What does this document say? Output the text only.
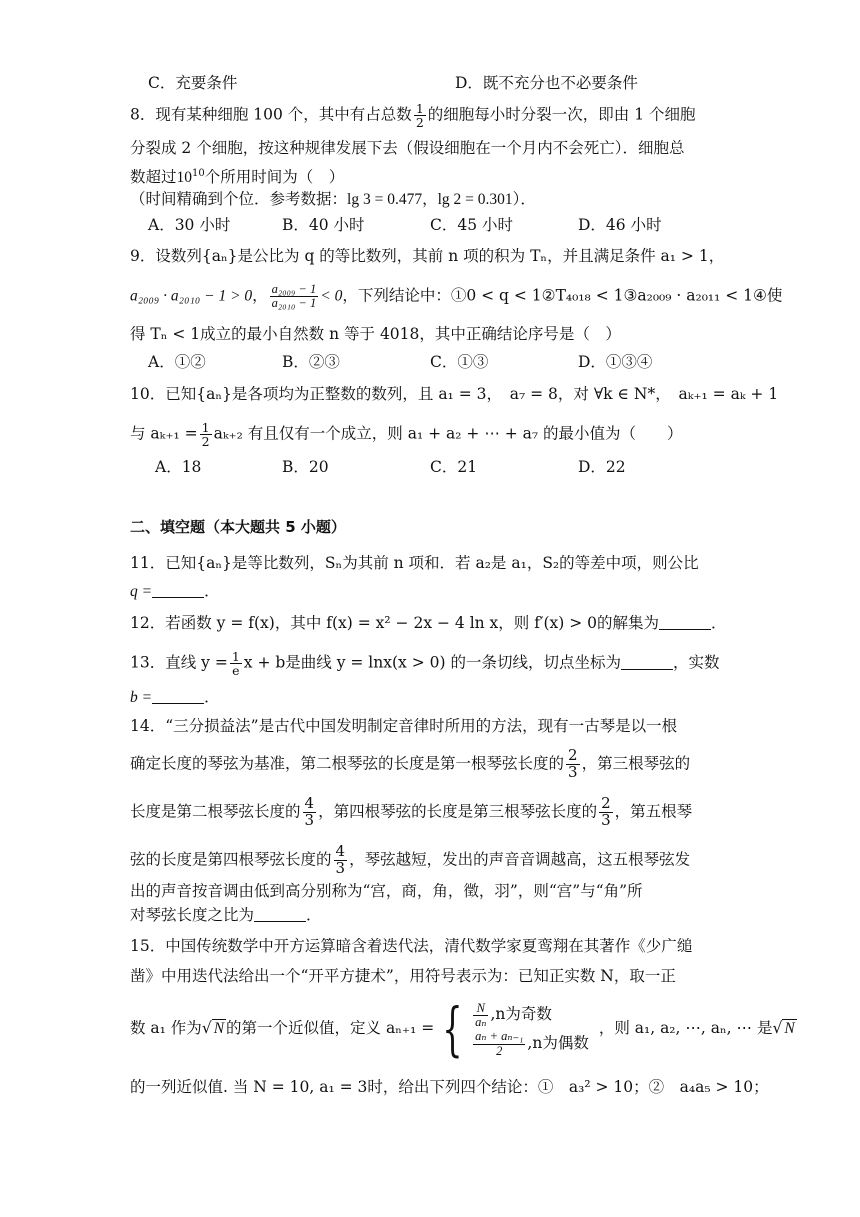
C．充要条件	D．既不充分也不必要条件
8．现有某种细胞 100 个，其中有占总数 $\frac{1}{2}$ 的细胞每小时分裂一次，即由 1 个细胞
分裂成 2 个细胞，按这种规律发展下去（假设细胞在一个月内不会死亡）．细胞总
数超过$10^{10}$个所用时间为（　）
（时间精确到个位．参考数据：lg 3 = 0.477，lg 2 = 0.301）．
A．30 小时	B．40 小时	C．45 小时	D．46 小时
9．设数列{aₙ}是公比为 q 的等比数列，其前 n 项的积为 Tₙ，并且满足条件 a₁ > 1，
a₂₀₀₉ · a₂₀₁₀ − 1 > 0， $\frac{\text{a₂₀₀₉ − 1}}{\text{a₂₀₁₀ − 1}} < 0$，下列结论中：①0 < q < 1②T₄₀₁₈ < 1③a₂₀₀₉ · a₂₀₁₁ < 1④使
得 Tₙ < 1成立的最小自然数 n 等于 4018，其中正确结论序号是（　）
A．①②	B．②③	C．①③	D．①③④
10．已知{aₙ}是各项均为正整数的数列，且 a₁ = 3，　a₇ = 8，对 ∀k ∈ N*，　aₖ₊₁ = aₖ + 1
与 $a_{k+1} = \frac{1}{2} a_{k+2}$ 有且仅有一个成立，则 a₁ + a₂ + ⋯ + a₇ 的最小值为（　　）
A．18	B．20	C．21	D．22
二、填空题（本大题共 5 小题）
11．已知{aₙ}是等比数列，Sₙ为其前 n 项和．若 a₂是 a₁，S₂的等差中项，则公比
q =	．
12．若函数 y = f(x)，其中 f(x) = x² − 2x − 4 ln x，则 f′(x) > 0的解集为	．
13．直线 $y = \frac{1}{e}$ x + b是曲线 y = lnx(x > 0) 的一条切线，切点坐标为	，实数
b =	．
14．“三分损益法”是古代中国发明制定音律时所用的方法，现有一古琴是以一根
确定长度的琴弦为基准，第二根琴弦的长度是第一根琴弦长度的 $\frac{2}{3}$ ，第三根琴弦的
长度是第二根琴弦长度的 $\frac{4}{3}$ ，第四根琴弦的长度是第三根琴弦长度的 $\frac{2}{3}$ ，第五根琴
弦的长度是第四根琴弦长度的 $\frac{4}{3}$ ，琴弦越短，发出的声音音调越高，这五根琴弦发
出的声音按音调由低到高分别称为“宫，商，角，徵，羽”，则“宫”与“角”所
对琴弦长度之比为	．
15．中国传统数学中开方运算暗含着迭代法，清代数学家夏鸾翔在其著作《少广缒
凿》中用迭代法给出一个“开平方捷术”，用符号表示为：已知正实数 N，取一正
数 a₁ 作为√ N 的第一个近似值，定义 aₙ₊₁ = { $\frac{N}{\text{aₙ}} ,n$为奇数
$\frac{\text{aₙ + aₙ₋₁}}{2} ,n$为偶数
，则 a₁, a₂, ⋯, aₙ, ⋯ 是√ N
的一列近似值. 当 N = 10, a₁ = 3时，给出下列四个结论：①　a₃² > 10；②　a₄a₅ > 10；
